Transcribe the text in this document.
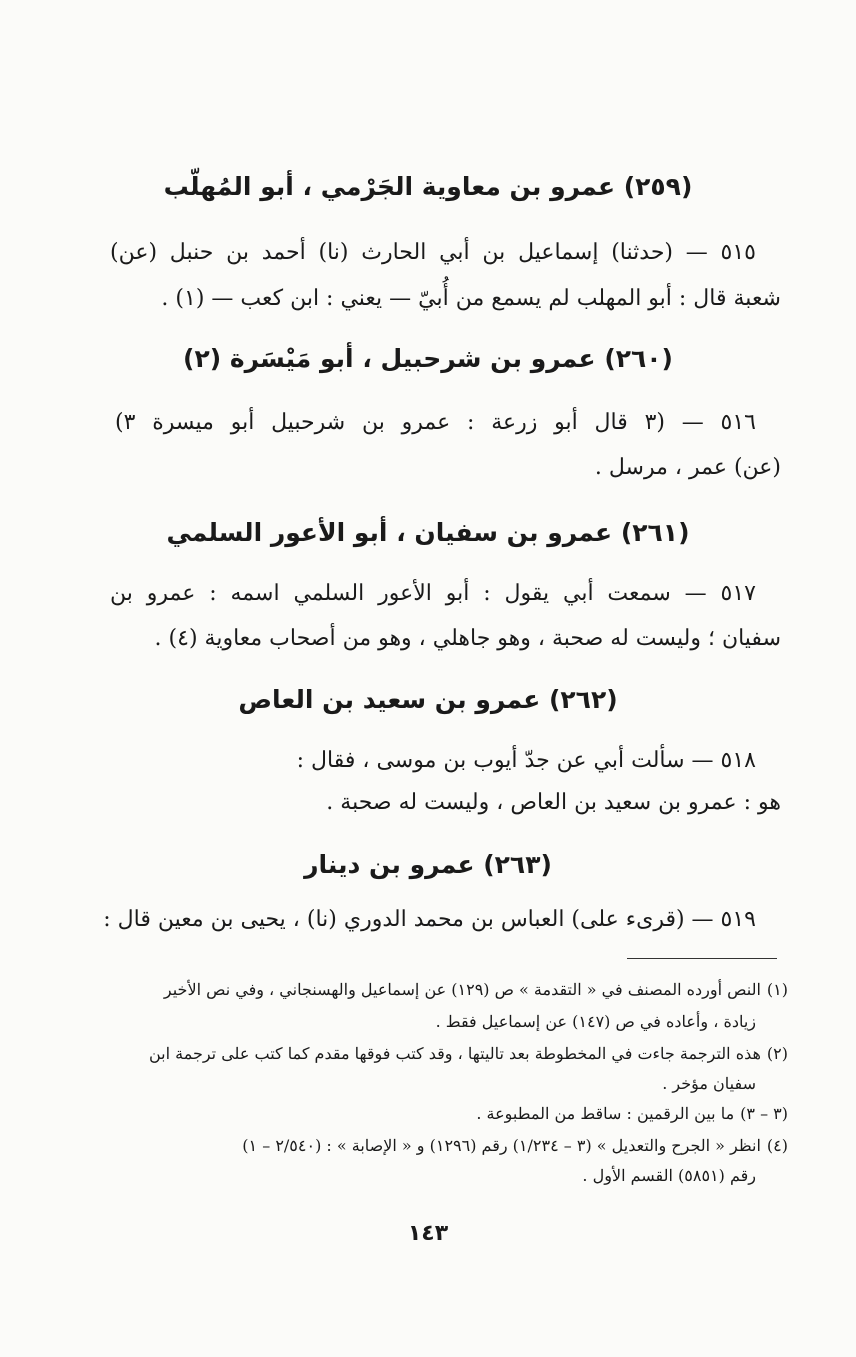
(٢٥٩) عمرو بن معاوية الجَرْمي ، أبو المُهلّب
٥١٥ — (حدثنا) إسماعيل بن أبي الحارث (نا) أحمد بن حنبل (عن)
شعبة قال : أبو المهلب لم يسمع من أُبيّ — يعني : ابن كعب — (١) .
(٢٦٠) عمرو بن شرحبيل ، أبو مَيْسَرة (٢)
٥١٦ — (٣ قال أبو زرعة : عمرو بن شرحبيل أبو ميسرة ٣)
(عن) عمر ، مرسل .
(٢٦١) عمرو بن سفيان ، أبو الأعور السلمي
٥١٧ — سمعت أبي يقول : أبو الأعور السلمي اسمه : عمرو بن
سفيان ؛ وليست له صحبة ، وهو جاهلي ، وهو من أصحاب معاوية (٤) .
(٢٦٢) عمرو بن سعيد بن العاص
٥١٨ — سألت أبي عن جدّ أيوب بن موسى ، فقال :
هو : عمرو بن سعيد بن العاص ، وليست له صحبة .
(٢٦٣) عمرو بن دينار
٥١٩ — (قرىء على) العباس بن محمد الدوري (نا) ، يحيى بن معين قال :
(١)النص أورده المصنف في « التقدمة » ص (١٢٩) عن إسماعيل والهسنجاني ، وفي نص الأخير
زيادة ، وأعاده في ص (١٤٧) عن إسماعيل فقط .
(٢)هذه الترجمة جاءت في المخطوطة بعد تاليتها ، وقد كتب فوقها مقدم كما كتب على ترجمة ابن
سفيان مؤخر .
(٣ – ٣)ما بين الرقمين : ساقط من المطبوعة .
(٤)انظر « الجرح والتعديل » (٣ – ١/٢٣٤) رقم (١٢٩٦) و « الإصابة » : (٢/٥٤٠ – ١)
رقم (٥٨٥١) القسم الأول .
١٤٣
